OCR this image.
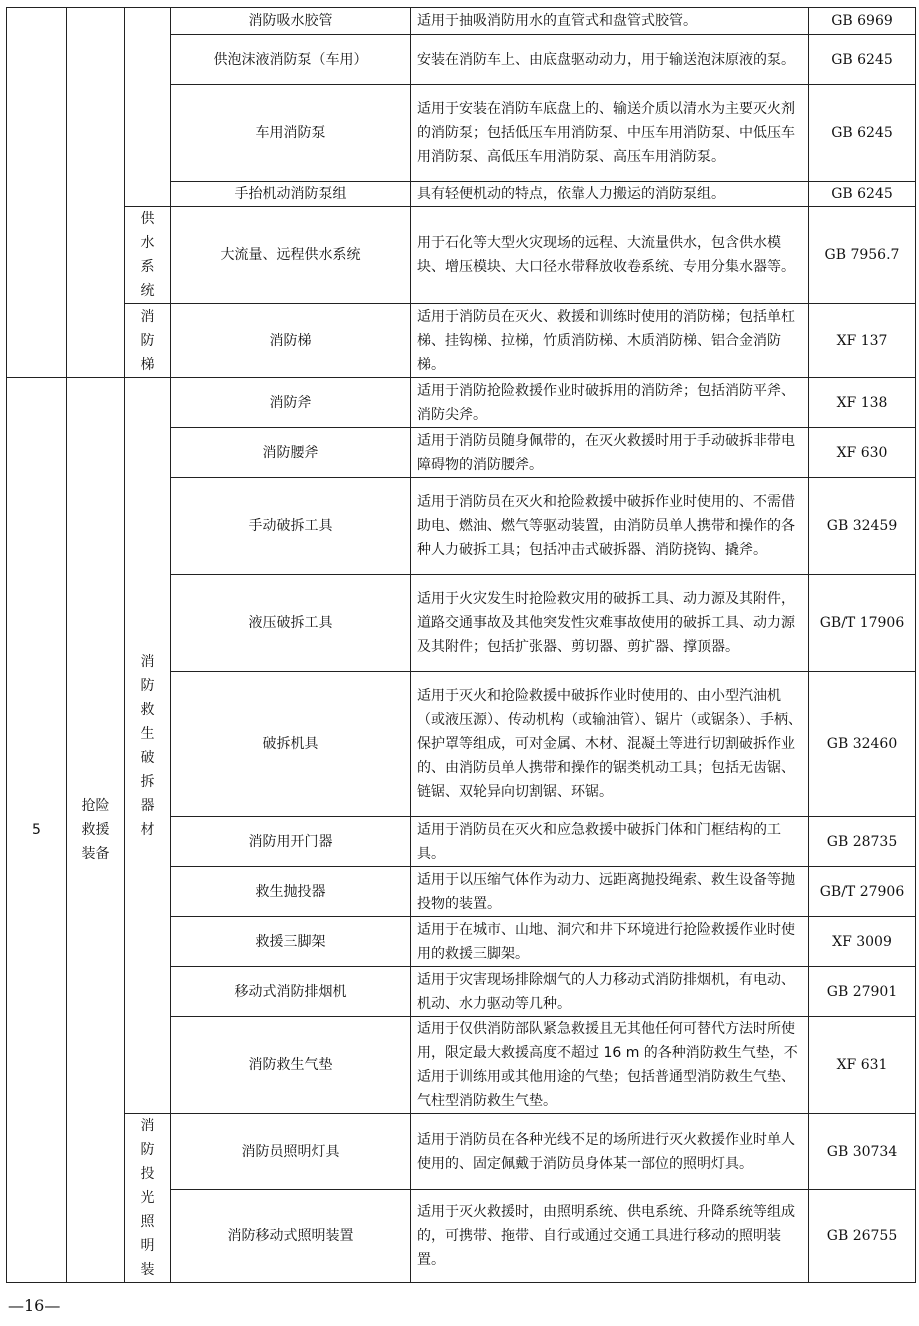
			消防吸水胶管	适用于抽吸消防用水的直管式和盘管式胶管。	GB 6969
			供泡沫液消防泵（车用）	安装在消防车上、由底盘驱动动力，用于输送泡沫原液的泵。	GB 6245
			车用消防泵	适用于安装在消防车底盘上的、输送介质以清水为主要灭火剂的消防泵；包括低压车用消防泵、中压车用消防泵、中低压车用消防泵、高低压车用消防泵、高压车用消防泵。	GB 6245
			手抬机动消防泵组	具有轻便机动的特点，依靠人力搬运的消防泵组。	GB 6245
		供水系统	大流量、远程供水系统	用于石化等大型火灾现场的远程、大流量供水，包含供水模块、增压模块、大口径水带释放收卷系统、专用分集水器等。	GB 7956.7
		消防梯	消防梯	适用于消防员在灭火、救援和训练时使用的消防梯；包括单杠梯、挂钩梯、拉梯，竹质消防梯、木质消防梯、铝合金消防梯。	XF 137
5	抢险救援装备	消防救生破拆器材	消防斧	适用于消防抢险救援作业时破拆用的消防斧；包括消防平斧、消防尖斧。	XF 138
			消防腰斧	适用于消防员随身佩带的，在灭火救援时用于手动破拆非带电障碍物的消防腰斧。	XF 630
			手动破拆工具	适用于消防员在灭火和抢险救援中破拆作业时使用的、不需借助电、燃油、燃气等驱动装置，由消防员单人携带和操作的各种人力破拆工具；包括冲击式破拆器、消防挠钩、撬斧。	GB 32459
			液压破拆工具	适用于火灾发生时抢险救灾用的破拆工具、动力源及其附件，道路交通事故及其他突发性灾难事故使用的破拆工具、动力源及其附件；包括扩张器、剪切器、剪扩器、撑顶器。	GB/T 17906
			破拆机具	适用于灭火和抢险救援中破拆作业时使用的、由小型汽油机（或液压源）、传动机构（或输油管）、锯片（或锯条）、手柄、保护罩等组成，可对金属、木材、混凝土等进行切割破拆作业的、由消防员单人携带和操作的锯类机动工具；包括无齿锯、链锯、双轮异向切割锯、环锯。	GB 32460
			消防用开门器	适用于消防员在灭火和应急救援中破拆门体和门框结构的工具。	GB 28735
			救生抛投器	适用于以压缩气体作为动力、远距离抛投绳索、救生设备等抛投物的装置。	GB/T 27906
			救援三脚架	适用于在城市、山地、洞穴和井下环境进行抢险救援作业时使用的救援三脚架。	XF 3009
			移动式消防排烟机	适用于灾害现场排除烟气的人力移动式消防排烟机，有电动、机动、水力驱动等几种。	GB 27901
			消防救生气垫	适用于仅供消防部队紧急救援且无其他任何可替代方法时所使用，限定最大救援高度不超过 16 m 的各种消防救生气垫，不适用于训练用或其他用途的气垫；包括普通型消防救生气垫、气柱型消防救生气垫。	XF 631
		消防投光照明装	消防员照明灯具	适用于消防员在各种光线不足的场所进行灭火救援作业时单人使用的、固定佩戴于消防员身体某一部位的照明灯具。	GB 30734
			消防移动式照明装置	适用于灭火救援时，由照明系统、供电系统、升降系统等组成的，可携带、拖带、自行或通过交通工具进行移动的照明装置。	GB 26755
—16—
